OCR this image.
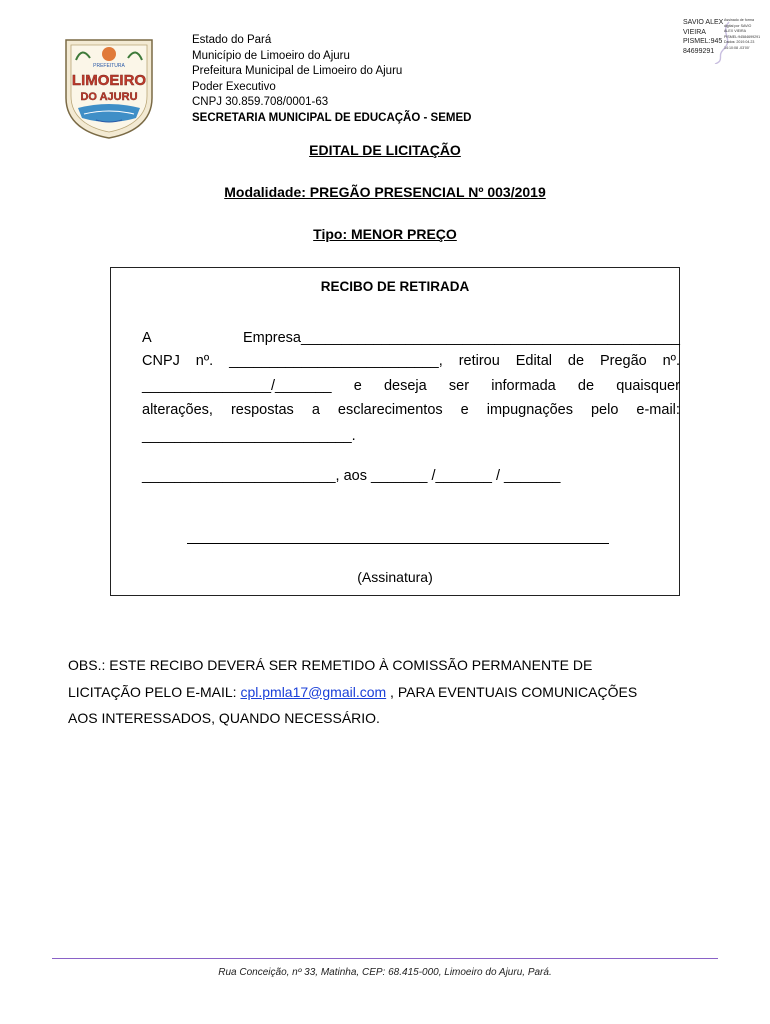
PREFEITURA
LIMOEIRO
DO AJURU
Estado do Pará
Município de Limoeiro do Ajuru
Prefeitura Municipal de Limoeiro do Ajuru
Poder Executivo
CNPJ 30.859.708/0001-63
SECRETARIA MUNICIPAL DE EDUCAÇÃO - SEMED
SAVIO ALEX
VIEIRA
PISMEL:945
84699291
Assinado de forma
digital por SAVIO
ALEX VIEIRA
PISMEL:94584699291
Dados: 2019.04.23
14:10:08 -03'00'
EDITAL DE LICITAÇÃO
Modalidade: PREGÃO PRESENCIAL Nº 003/2019
Tipo: MENOR PREÇO
RECIBO DE RETIRADA
A	Empresa_______________________________________________
CNPJ nº. __________________________, retirou Edital de Pregão nº.
________________/_______ e deseja ser informada de quaisquer
alterações, respostas a esclarecimentos e impugnações pelo e-mail:
__________________________.
________________________, aos _______ /_______ / _______
(Assinatura)
OBS.: ESTE RECIBO DEVERÁ SER REMETIDO À COMISSÃO PERMANENTE DE
LICITAÇÃO PELO E-MAIL: cpl.pmla17@gmail.com , PARA EVENTUAIS COMUNICAÇÕES
AOS INTERESSADOS, QUANDO NECESSÁRIO.
Rua Conceição, nº 33, Matinha, CEP: 68.415-000, Limoeiro do Ajuru, Pará.
